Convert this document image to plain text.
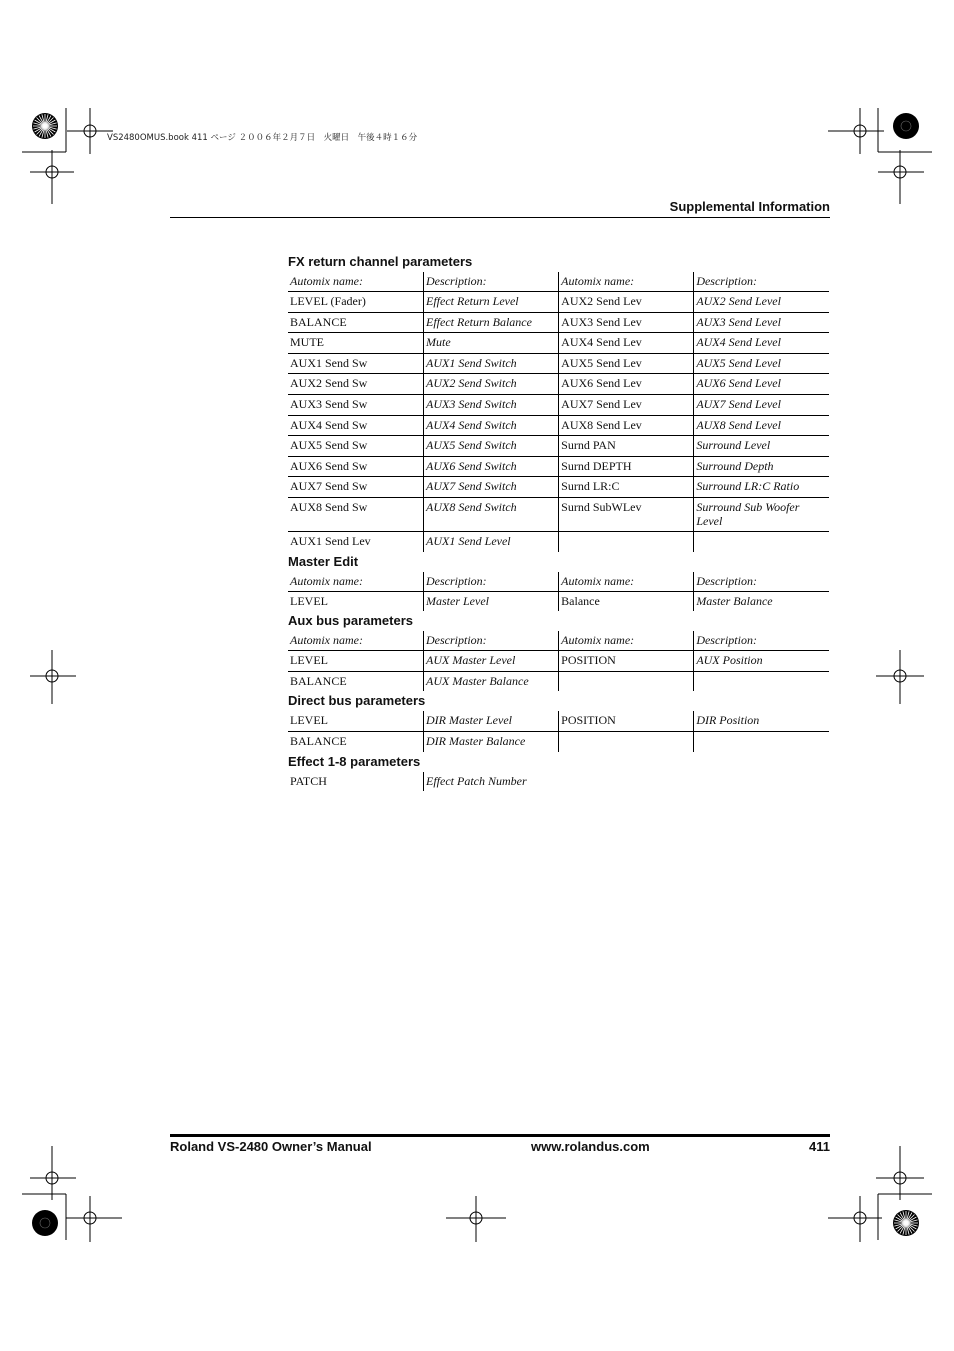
VS2480OMUS.book 411 ページ ２００６年２月７日　火曜日　午後４時１６分
Supplemental Information
FX return channel parameters
Automix name:	Description:	Automix name:	Description:
LEVEL (Fader)	Effect Return Level	AUX2 Send Lev	AUX2 Send Level
BALANCE	Effect Return Balance	AUX3 Send Lev	AUX3 Send Level
MUTE	Mute	AUX4 Send Lev	AUX4 Send Level
AUX1 Send Sw	AUX1 Send Switch	AUX5 Send Lev	AUX5 Send Level
AUX2 Send Sw	AUX2 Send Switch	AUX6 Send Lev	AUX6 Send Level
AUX3 Send Sw	AUX3 Send Switch	AUX7 Send Lev	AUX7 Send Level
AUX4 Send Sw	AUX4 Send Switch	AUX8 Send Lev	AUX8 Send Level
AUX5 Send Sw	AUX5 Send Switch	Surnd PAN	Surround Level
AUX6 Send Sw	AUX6 Send Switch	Surnd DEPTH	Surround Depth
AUX7 Send Sw	AUX7 Send Switch	Surnd LR:C	Surround LR:C Ratio
AUX8 Send Sw	AUX8 Send Switch	Surnd SubWLev	Surround Sub Woofer Level
AUX1 Send Lev	AUX1 Send Level		
Master Edit
Automix name:	Description:	Automix name:	Description:
LEVEL	Master Level	Balance	Master Balance
Aux bus parameters
Automix name:	Description:	Automix name:	Description:
LEVEL	AUX Master Level	POSITION	AUX Position
BALANCE	AUX Master Balance		
Direct bus parameters
LEVEL	DIR Master Level	POSITION	DIR Position
BALANCE	DIR Master Balance		
Effect 1-8 parameters
PATCH	Effect Patch Number		
Roland VS-2480 Owner’s Manual	www.rolandus.com	411
